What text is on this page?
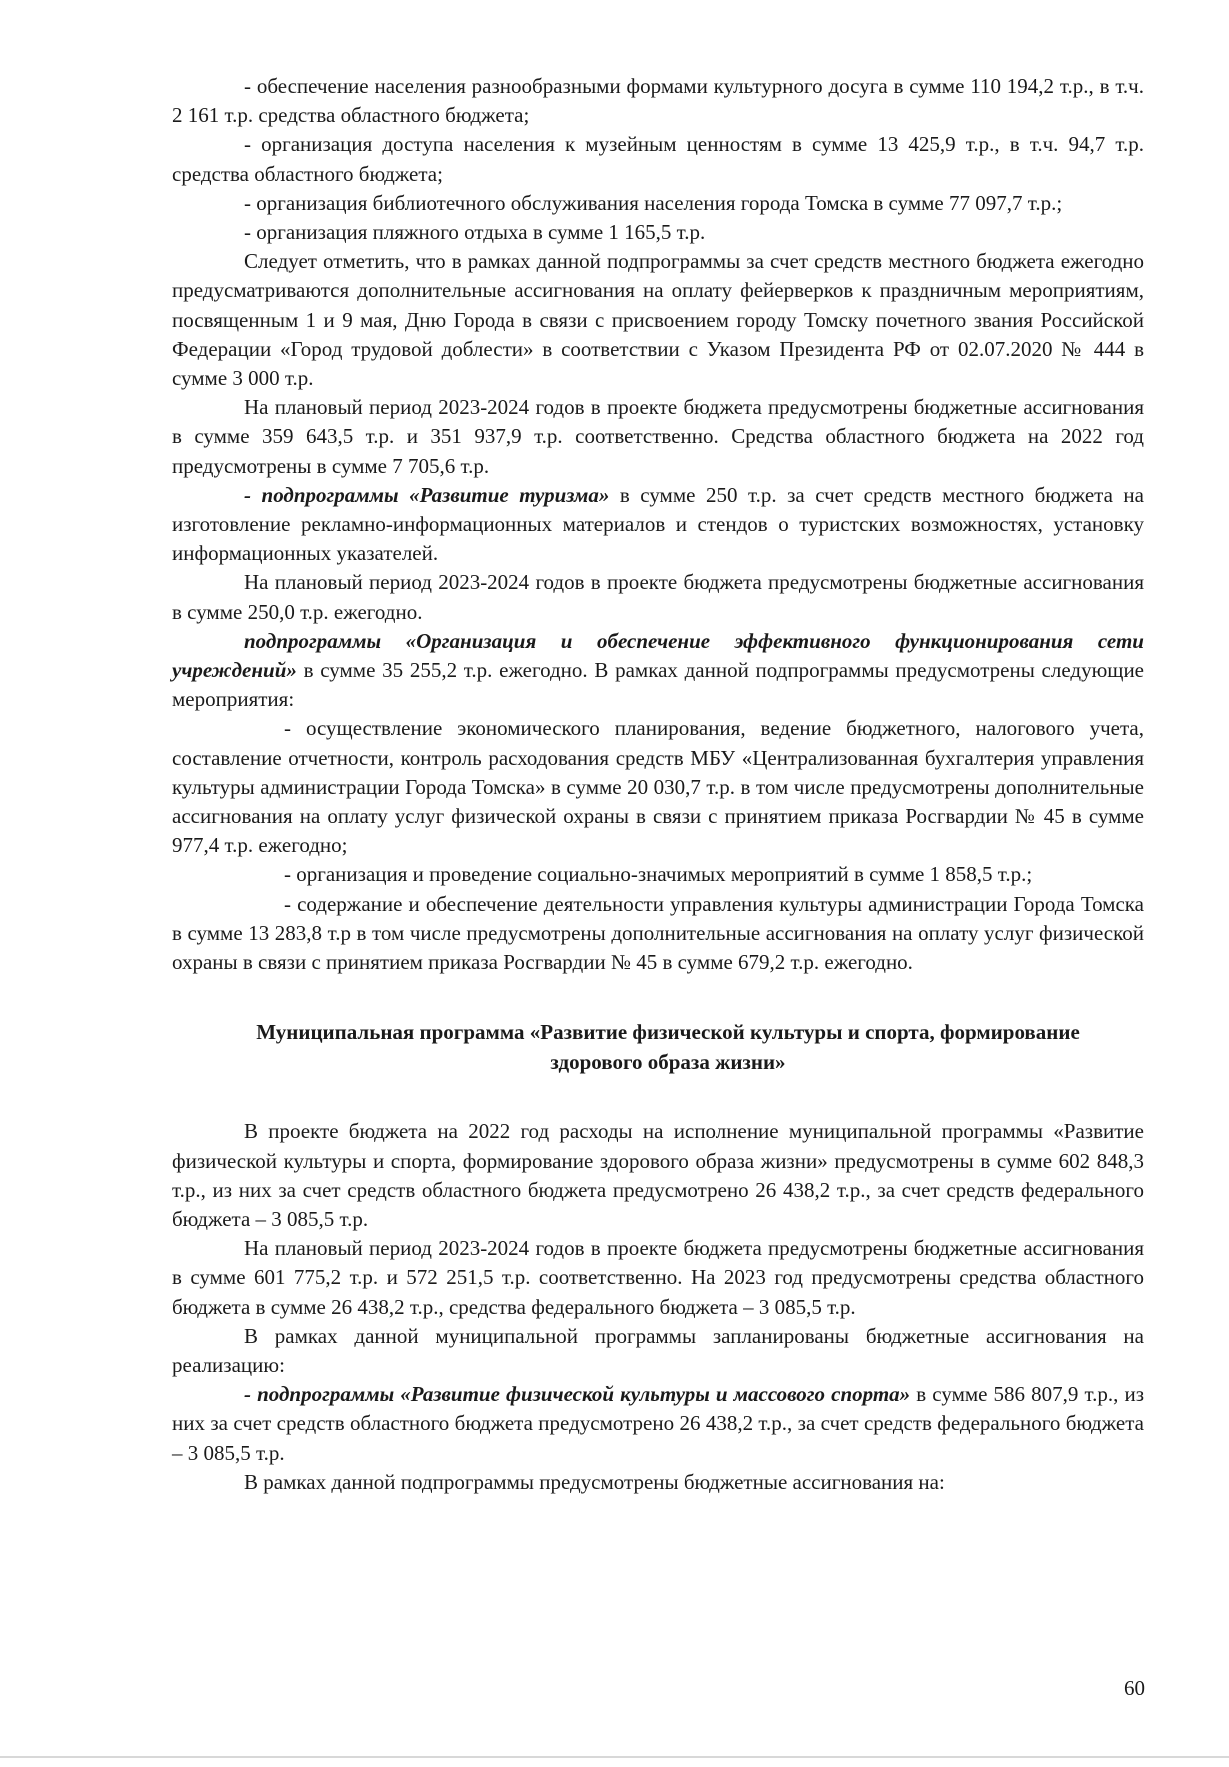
- обеспечение населения разнообразными формами культурного досуга в сумме 110 194,2 т.р., в т.ч. 2 161 т.р. средства областного бюджета;

- организация доступа населения к музейным ценностям в сумме 13 425,9 т.р., в т.ч. 94,7 т.р. средства областного бюджета;

- организация библиотечного обслуживания населения города Томска в сумме 77 097,7 т.р.;

- организация пляжного отдыха в сумме 1 165,5 т.р.

Следует отметить, что в рамках данной подпрограммы за счет средств местного бюджета ежегодно предусматриваются дополнительные ассигнования на оплату фейерверков к праздничным мероприятиям, посвященным 1 и 9 мая, Дню Города в связи с присвоением городу Томску почетного звания Российской Федерации «Город трудовой доблести» в соответствии с Указом Президента РФ от 02.07.2020 № 444 в сумме 3 000 т.р.

На плановый период 2023-2024 годов в проекте бюджета предусмотрены бюджетные ассигнования в сумме 359 643,5 т.р. и 351 937,9 т.р. соответственно. Средства областного бюджета на 2022 год предусмотрены в сумме 7 705,6 т.р.

- подпрограммы «Развитие туризма» в сумме 250 т.р. за счет средств местного бюджета на изготовление рекламно-информационных материалов и стендов о туристских возможностях, установку информационных указателей.

На плановый период 2023-2024 годов в проекте бюджета предусмотрены бюджетные ассигнования в сумме 250,0 т.р. ежегодно.

подпрограммы «Организация и обеспечение эффективного функционирования сети учреждений» в сумме 35 255,2 т.р. ежегодно. В рамках данной подпрограммы предусмотрены следующие мероприятия:

- осуществление экономического планирования, ведение бюджетного, налогового учета, составление отчетности, контроль расходования средств МБУ «Централизованная бухгалтерия управления культуры администрации Города Томска» в сумме 20 030,7 т.р. в том числе предусмотрены дополнительные ассигнования на оплату услуг физической охраны в связи с принятием приказа Росгвардии № 45 в сумме 977,4 т.р. ежегодно;

- организация и проведение социально-значимых мероприятий в сумме 1 858,5 т.р.;

- содержание и обеспечение деятельности управления культуры администрации Города Томска в сумме 13 283,8 т.р в том числе предусмотрены дополнительные ассигнования на оплату услуг физической охраны в связи с принятием приказа Росгвардии № 45 в сумме 679,2 т.р. ежегодно.

Муниципальная программа «Развитие физической культуры и спорта, формирование здорового образа жизни»

В проекте бюджета на 2022 год расходы на исполнение муниципальной программы «Развитие физической культуры и спорта, формирование здорового образа жизни» предусмотрены в сумме 602 848,3 т.р., из них за счет средств областного бюджета предусмотрено 26 438,2 т.р., за счет средств федерального бюджета – 3 085,5 т.р.

На плановый период 2023-2024 годов в проекте бюджета предусмотрены бюджетные ассигнования в сумме 601 775,2 т.р. и 572 251,5 т.р. соответственно. На 2023 год предусмотрены средства областного бюджета в сумме 26 438,2 т.р., средства федерального бюджета – 3 085,5 т.р.

В рамках данной муниципальной программы запланированы бюджетные ассигнования на реализацию:

- подпрограммы «Развитие физической культуры и массового спорта» в сумме 586 807,9 т.р., из них за счет средств областного бюджета предусмотрено 26 438,2 т.р., за счет средств федерального бюджета – 3 085,5 т.р.

В рамках данной подпрограммы предусмотрены бюджетные ассигнования на:

60
